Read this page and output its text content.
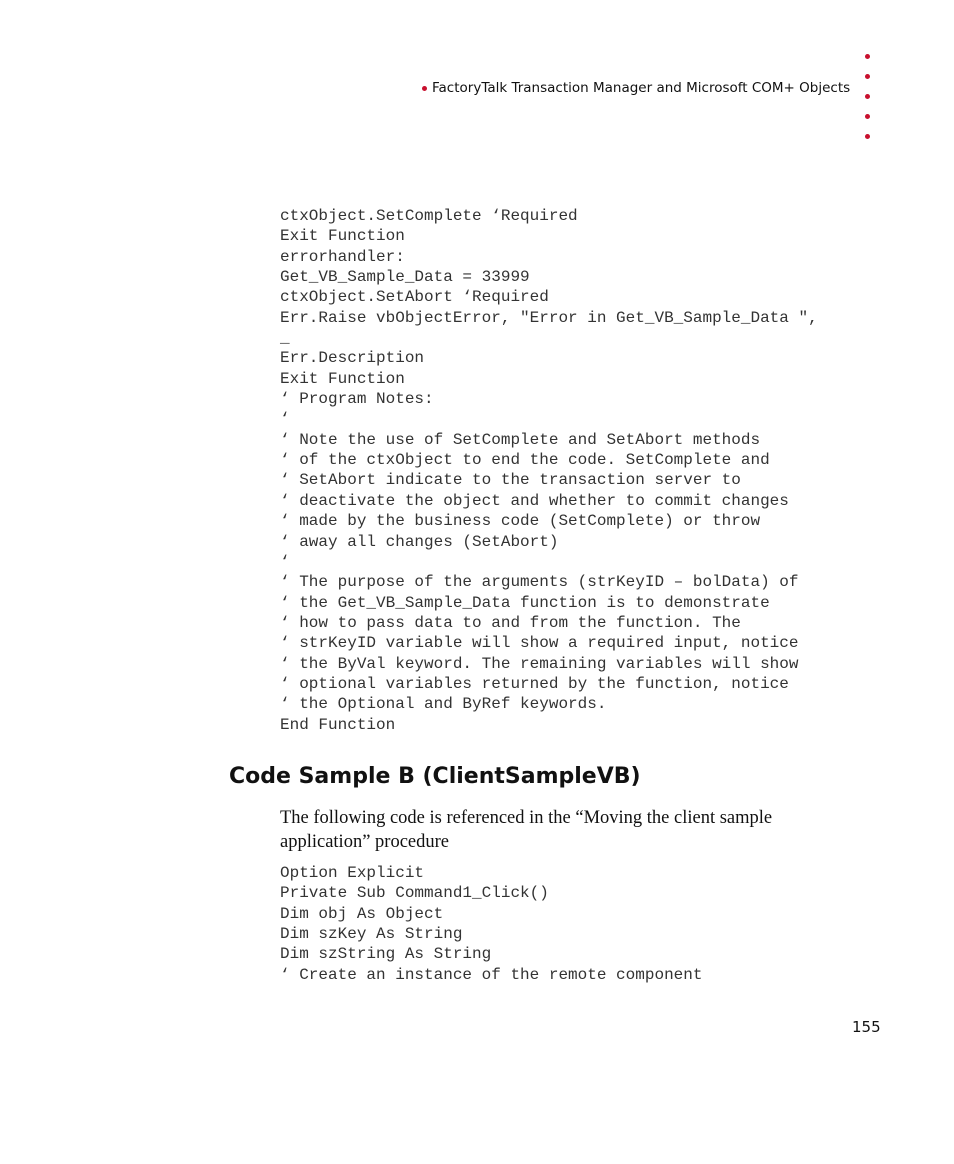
FactoryTalk Transaction Manager and Microsoft COM+ Objects
ctxObject.SetComplete ‘Required
Exit Function
errorhandler:
Get_VB_Sample_Data = 33999
ctxObject.SetAbort ‘Required
Err.Raise vbObjectError, "Error in Get_VB_Sample_Data ",
_
Err.Description
Exit Function
‘ Program Notes:
‘
‘ Note the use of SetComplete and SetAbort methods
‘ of the ctxObject to end the code. SetComplete and
‘ SetAbort indicate to the transaction server to
‘ deactivate the object and whether to commit changes
‘ made by the business code (SetComplete) or throw
‘ away all changes (SetAbort)
‘
‘ The purpose of the arguments (strKeyID – bolData) of
‘ the Get_VB_Sample_Data function is to demonstrate
‘ how to pass data to and from the function. The
‘ strKeyID variable will show a required input, notice
‘ the ByVal keyword. The remaining variables will show
‘ optional variables returned by the function, notice
‘ the Optional and ByRef keywords.
End Function

Code Sample B (ClientSampleVB)

The following code is referenced in the “Moving the client sample application” procedure

Option Explicit
Private Sub Command1_Click()
Dim obj As Object
Dim szKey As String
Dim szString As String
‘ Create an instance of the remote component

155
